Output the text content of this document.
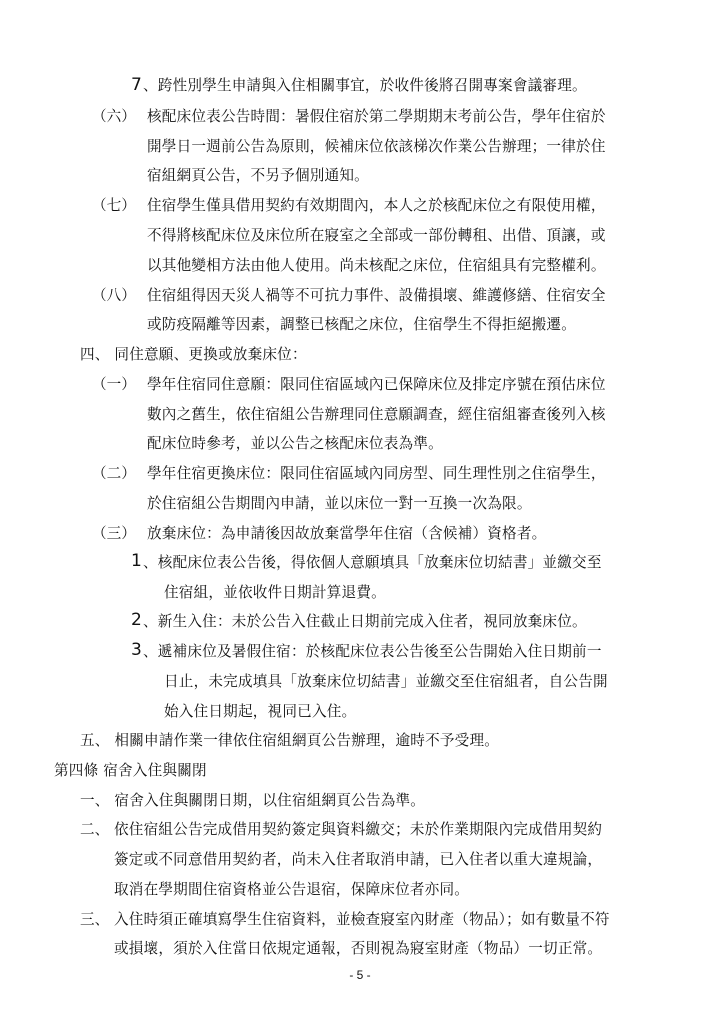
7 、跨性別學生申請與入住相關事宜，於收件後將召開專案會議審理。
（六） 核配床位表公告時間：暑假住宿於第二學期期末考前公告，學年住宿於
開學日一週前公告為原則，候補床位依該梯次作業公告辦理；一律於住
宿組網頁公告，不另予個別通知。
（七） 住宿學生僅具借用契約有效期間內，本人之於核配床位之有限使用權，
不得將核配床位及床位所在寢室之全部或一部份轉租、出借、頂讓，或
以其他變相方法由他人使用。尚未核配之床位，住宿組具有完整權利。
（八） 住宿組得因天災人禍等不可抗力事件、設備損壞、維護修繕、住宿安全
或防疫隔離等因素，調整已核配之床位，住宿學生不得拒絕搬遷。
四、 同住意願、更換或放棄床位：
（一） 學年住宿同住意願：限同住宿區域內已保障床位及排定序號在預估床位
數內之舊生，依住宿組公告辦理同住意願調查，經住宿組審查後列入核
配床位時參考，並以公告之核配床位表為準。
（二） 學年住宿更換床位：限同住宿區域內同房型、同生理性別之住宿學生，
於住宿組公告期間內申請，並以床位一對一互換一次為限。
（三） 放棄床位：為申請後因故放棄當學年住宿（含候補）資格者。
1 、核配床位表公告後，得依個人意願填具「放棄床位切結書」並繳交至
住宿組，並依收件日期計算退費。
2 、新生入住：未於公告入住截止日期前完成入住者，視同放棄床位。
3 、遞補床位及暑假住宿：於核配床位表公告後至公告開始入住日期前一
日止，未完成填具「放棄床位切結書」並繳交至住宿組者，自公告開
始入住日期起，視同已入住。
五、 相關申請作業一律依住宿組網頁公告辦理，逾時不予受理。
第四條 宿舍入住與關閉
一、 宿舍入住與關閉日期，以住宿組網頁公告為準。
二、 依住宿組公告完成借用契約簽定與資料繳交；未於作業期限內完成借用契約
簽定或不同意借用契約者，尚未入住者取消申請，已入住者以重大違規論，
取消在學期間住宿資格並公告退宿，保障床位者亦同。
三、 入住時須正確填寫學生住宿資料，並檢查寢室內財產（物品）；如有數量不符
或損壞，須於入住當日依規定通報，否則視為寢室財產（物品）一切正常。
- 5 -
